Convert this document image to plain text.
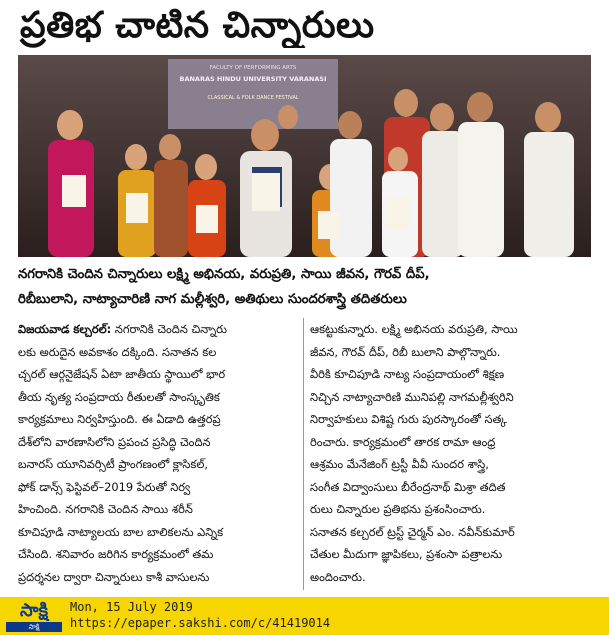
ప్రతిభ చాటిన చిన్నారులు
FACULTY OF PERFORMING ARTS
BANARAS HINDU UNIVERSITY VARANASI
CLASSICAL & FOLK DANCE FESTIVAL
నగరానికి చెందిన చిన్నారులు లక్ష్మి అభినయ, వరుప్రతి, సాయి జీవన, గౌరవ్ దీప్,
రిబీబులాని, నాట్యాచారిణి నాగ మల్లీశ్వరి, అతిథులు సుందరశాస్త్రి తదితరులు
విజయవాడ కల్చరల్: నగరానికి చెందిన చిన్నారు
లకు అరుదైన అవకాశం దక్కింది. సనాతన కల
చ్చరల్ ఆర్గనైజేషన్ ఏటా జాతీయ స్థాయిలో భార
తీయ నృత్య సంప్రదాయ రీతులతో సాంస్కృతిక
కార్యక్రమాలు నిర్వహిస్తుంది. ఈ ఏడాది ఉత్తరప్ర
దేశ్‌లోని వారణాసిలోని ప్రపంచ ప్రసిద్ధి చెందిన
బనారస్ యూనివర్సిటీ ప్రాంగణంలో క్లాసికల్,
ఫోక్ డాన్స్ ఫెస్టివల్–2019 పేరుతో నిర్వ
హించింది. నగరానికి చెందిన సాయి శరీన్
కూచిపూడి నాట్యాలయ బాల బాలికలను ఎన్నిక
చేసింది. శనివారం జరిగిన కార్యక్రమంలో తమ
ప్రదర్శనల ద్వారా చిన్నారులు కాశీ వాసులను
ఆకట్టుకున్నారు. లక్ష్మి అభినయ వరుప్రతి, సాయి
జీవన, గౌరవ్ దీప్, రిబీ బులాని పాల్గొన్నారు.
వీరికి కూచిపూడి నాట్య సంప్రదాయంలో శిక్షణ
నిచ్చిన నాట్యాచారిణి మునిపల్లి నాగమల్లీశ్వరిని
నిర్వాహకులు విశిష్ట గురు పురస్కారంతో సత్క
రించారు. కార్యక్రమంలో తారక రామా ఆంధ్ర
ఆశ్రమం మేనేజింగ్ ట్రస్టీ వీవీ సుందర శాస్త్రి,
సంగీత విద్వాంసులు బీరేంద్రనాథ్ మిశ్రా తదిత
రులు చిన్నారుల ప్రతిభను ప్రశంసించారు.
సనాతన కల్చరల్ ట్రస్ట్ చైర్మన్ ఎం. నవీన్‌కుమార్
చేతుల మీదుగా జ్ఞాపికలు, ప్రశంసా పత్రాలను
అందించారు.
సాక్షి
సాక్షి
Mon, 15 July 2019
https://epaper.sakshi.com/c/41419014
